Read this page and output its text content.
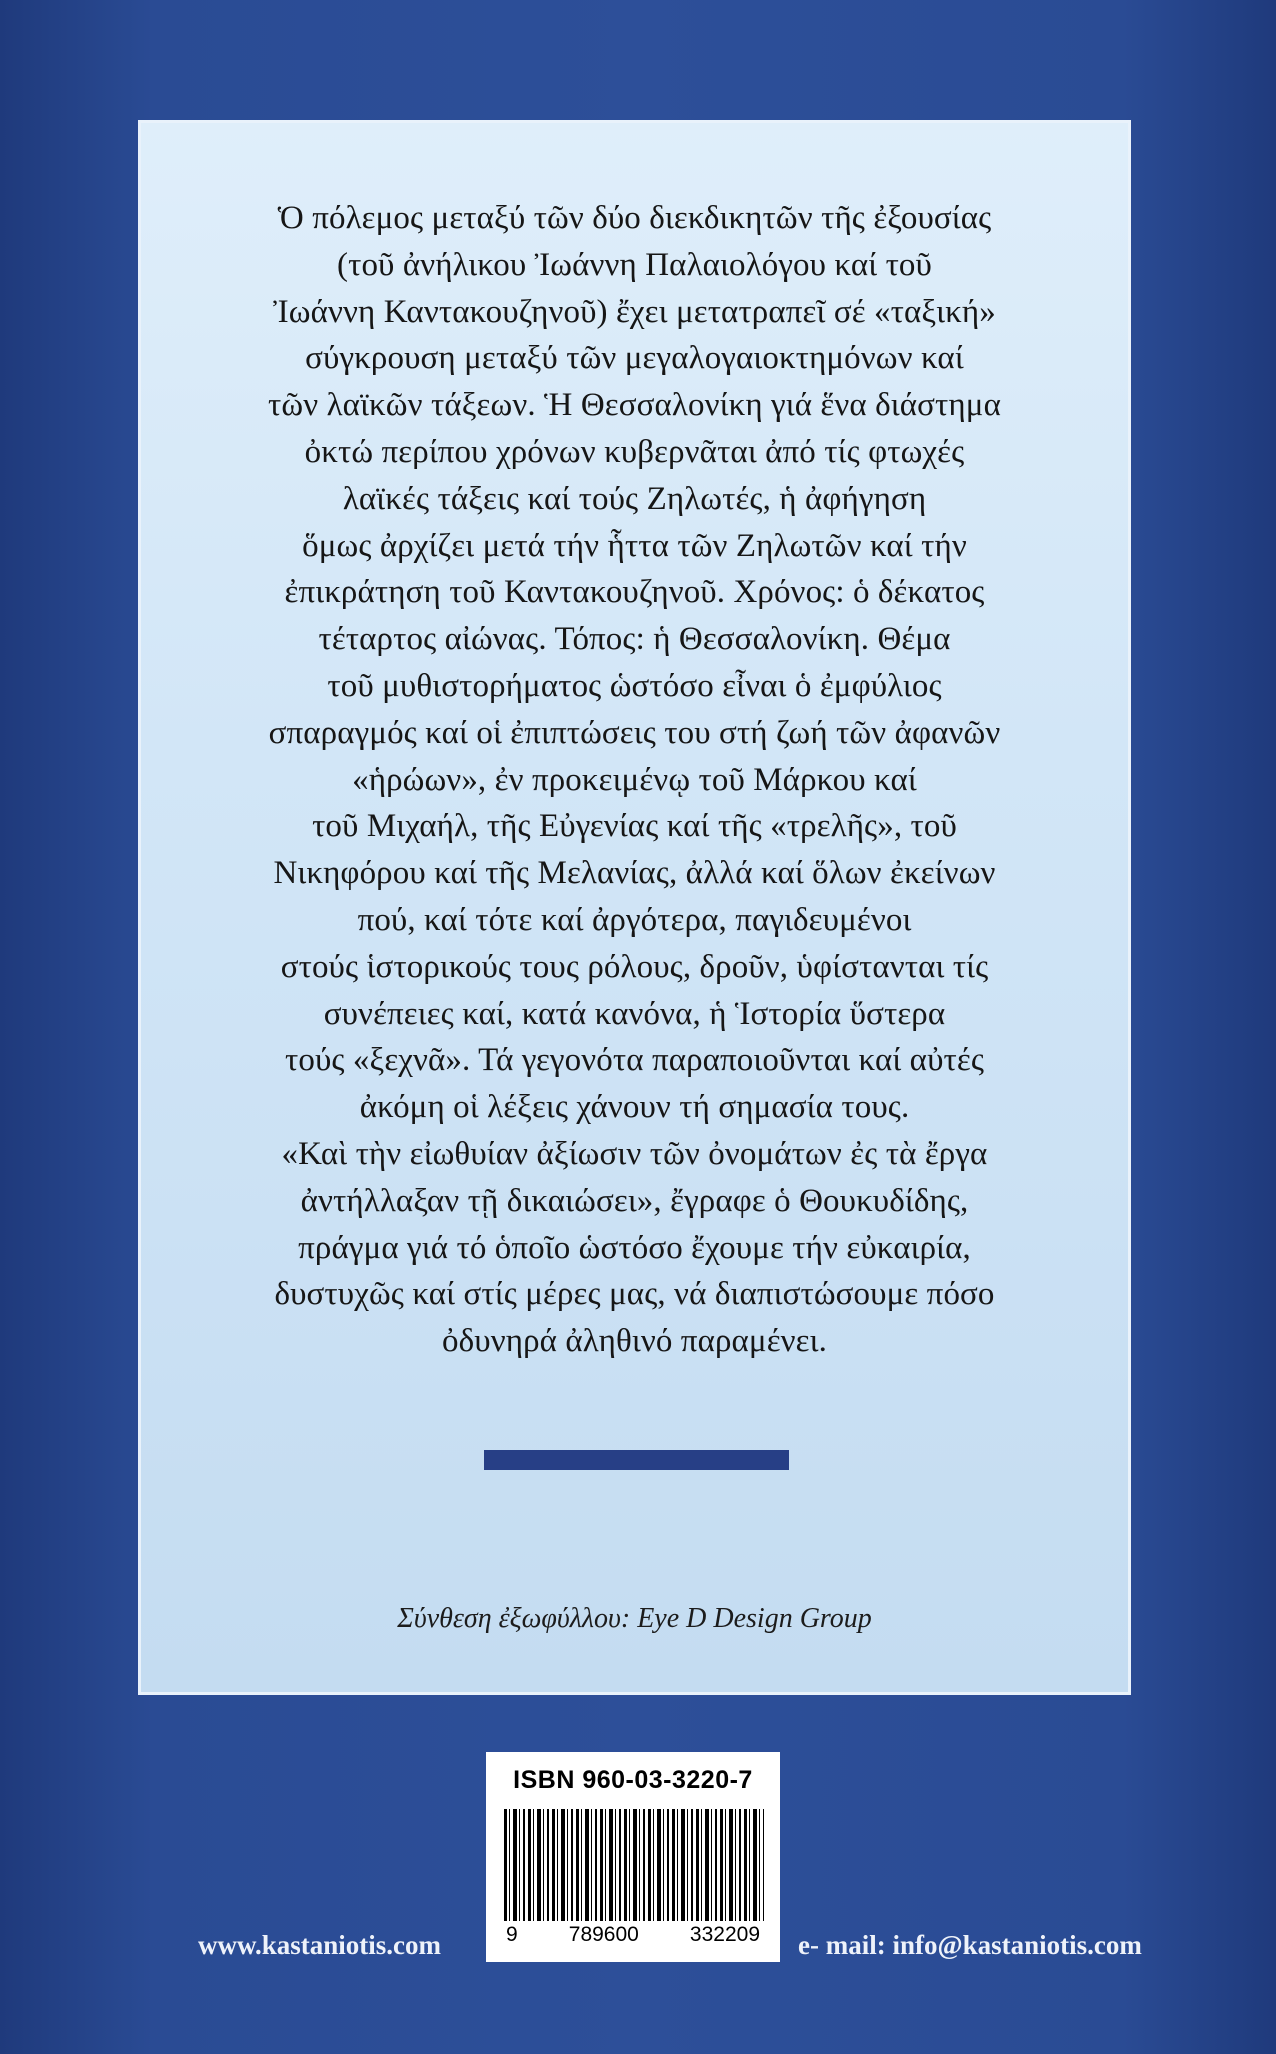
Ὁ πόλεμος μεταξύ τῶν δύο διεκδικητῶν τῆς ἐξουσίας
(τοῦ ἀνήλικου Ἰωάννη Παλαιολόγου καί τοῦ
Ἰωάννη Καντακουζηνοῦ) ἔχει μετατραπεῖ σέ «ταξική»
σύγκρουση μεταξύ τῶν μεγαλογαιοκτημόνων καί
τῶν λαϊκῶν τάξεων. Ἡ Θεσσαλονίκη γιά ἕνα διάστημα
ὀκτώ περίπου χρόνων κυβερνᾶται ἀπό τίς φτωχές
λαϊκές τάξεις καί τούς Ζηλωτές, ἡ ἀφήγηση
ὅμως ἀρχίζει μετά τήν ἧττα τῶν Ζηλωτῶν καί τήν
ἐπικράτηση τοῦ Καντακουζηνοῦ. Χρόνος: ὁ δέκατος
τέταρτος αἰώνας. Τόπος: ἡ Θεσσαλονίκη. Θέμα
τοῦ μυθιστορήματος ὡστόσο εἶναι ὁ ἐμφύλιος
σπαραγμός καί οἱ ἐπιπτώσεις του στή ζωή τῶν ἀφανῶν
«ἡρώων», ἐν προκειμένῳ τοῦ Μάρκου καί
τοῦ Μιχαήλ, τῆς Εὐγενίας καί τῆς «τρελῆς», τοῦ
Νικηφόρου καί τῆς Μελανίας, ἀλλά καί ὅλων ἐκείνων
πού, καί τότε καί ἀργότερα, παγιδευμένοι
στούς ἱστορικούς τους ρόλους, δροῦν, ὑφίστανται τίς
συνέπειες καί, κατά κανόνα, ἡ Ἱστορία ὕστερα
τούς «ξεχνᾶ». Τά γεγονότα παραποιοῦνται καί αὐτές
ἀκόμη οἱ λέξεις χάνουν τή σημασία τους.
«Καὶ τὴν εἰωθυίαν ἀξίωσιν τῶν ὀνομάτων ἐς τὰ ἔργα
ἀντήλλαξαν τῇ δικαιώσει», ἔγραφε ὁ Θουκυδίδης,
πράγμα γιά τό ὁποῖο ὡστόσο ἔχουμε τήν εὐκαιρία,
δυστυχῶς καί στίς μέρες μας, νά διαπιστώσουμε πόσο
ὀδυνηρά ἀληθινό παραμένει.

Σύνθεση ἐξωφύλλου: Eye D Design Group
ISBN 960-03-3220-7
9 789600 332209
www.kastaniotis.com	e- mail: info@kastaniotis.com
